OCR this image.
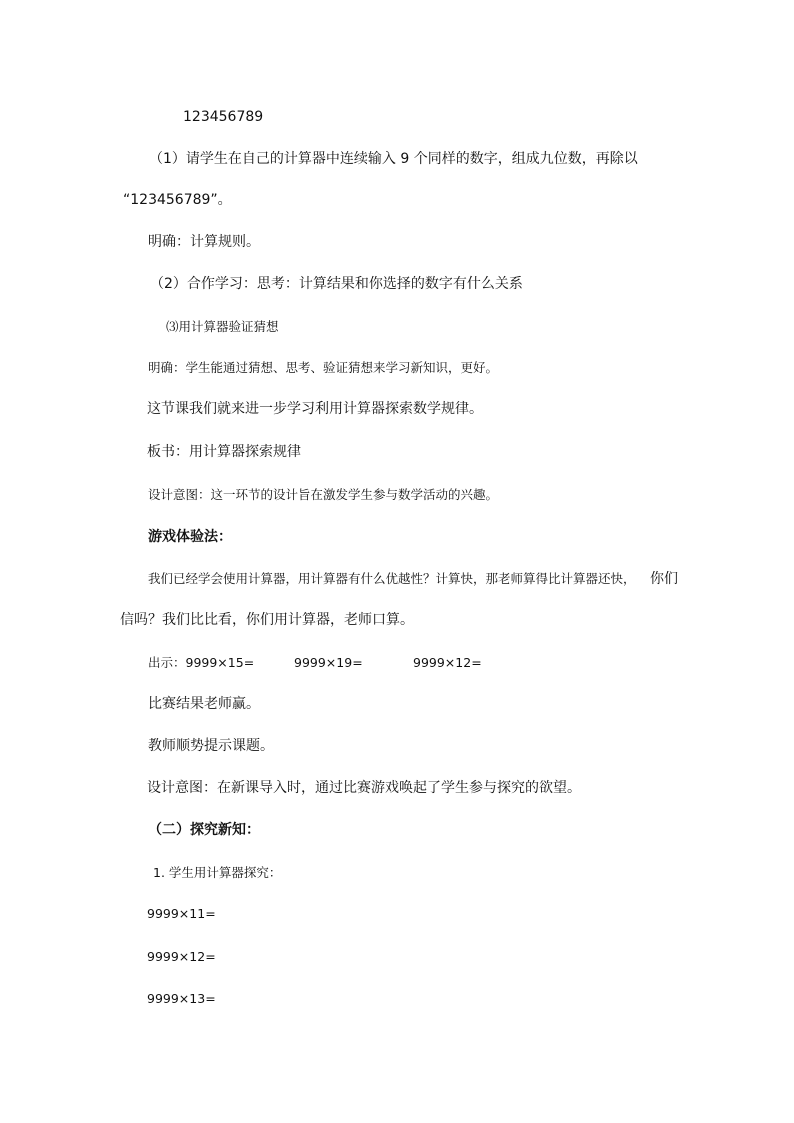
123456789
（1）请学生在自己的计算器中连续输入 9 个同样的数字，组成九位数，再除以
“123456789”。
明确：计算规则。
（2）合作学习：思考：计算结果和你选择的数字有什么关系
⑶用计算器验证猜想
明确：学生能通过猜想、思考、验证猜想来学习新知识，更好。
这节课我们就来进一步学习利用计算器探索数学规律。
板书：用计算器探索规律
设计意图：这一环节的设计旨在激发学生参与数学活动的兴趣。
游戏体验法：
我们已经学会使用计算器，用计算器有什么优越性？计算快，那老师算得比计算器还快， 你们
信吗？我们比比看，你们用计算器，老师口算。
出示：9999×15=	9999×19=	9999×12=
比赛结果老师赢。
教师顺势提示课题。
设计意图：在新课导入时，通过比赛游戏唤起了学生参与探究的欲望。
（二）探究新知：
1. 学生用计算器探究：
9999×11=
9999×12=
9999×13=
